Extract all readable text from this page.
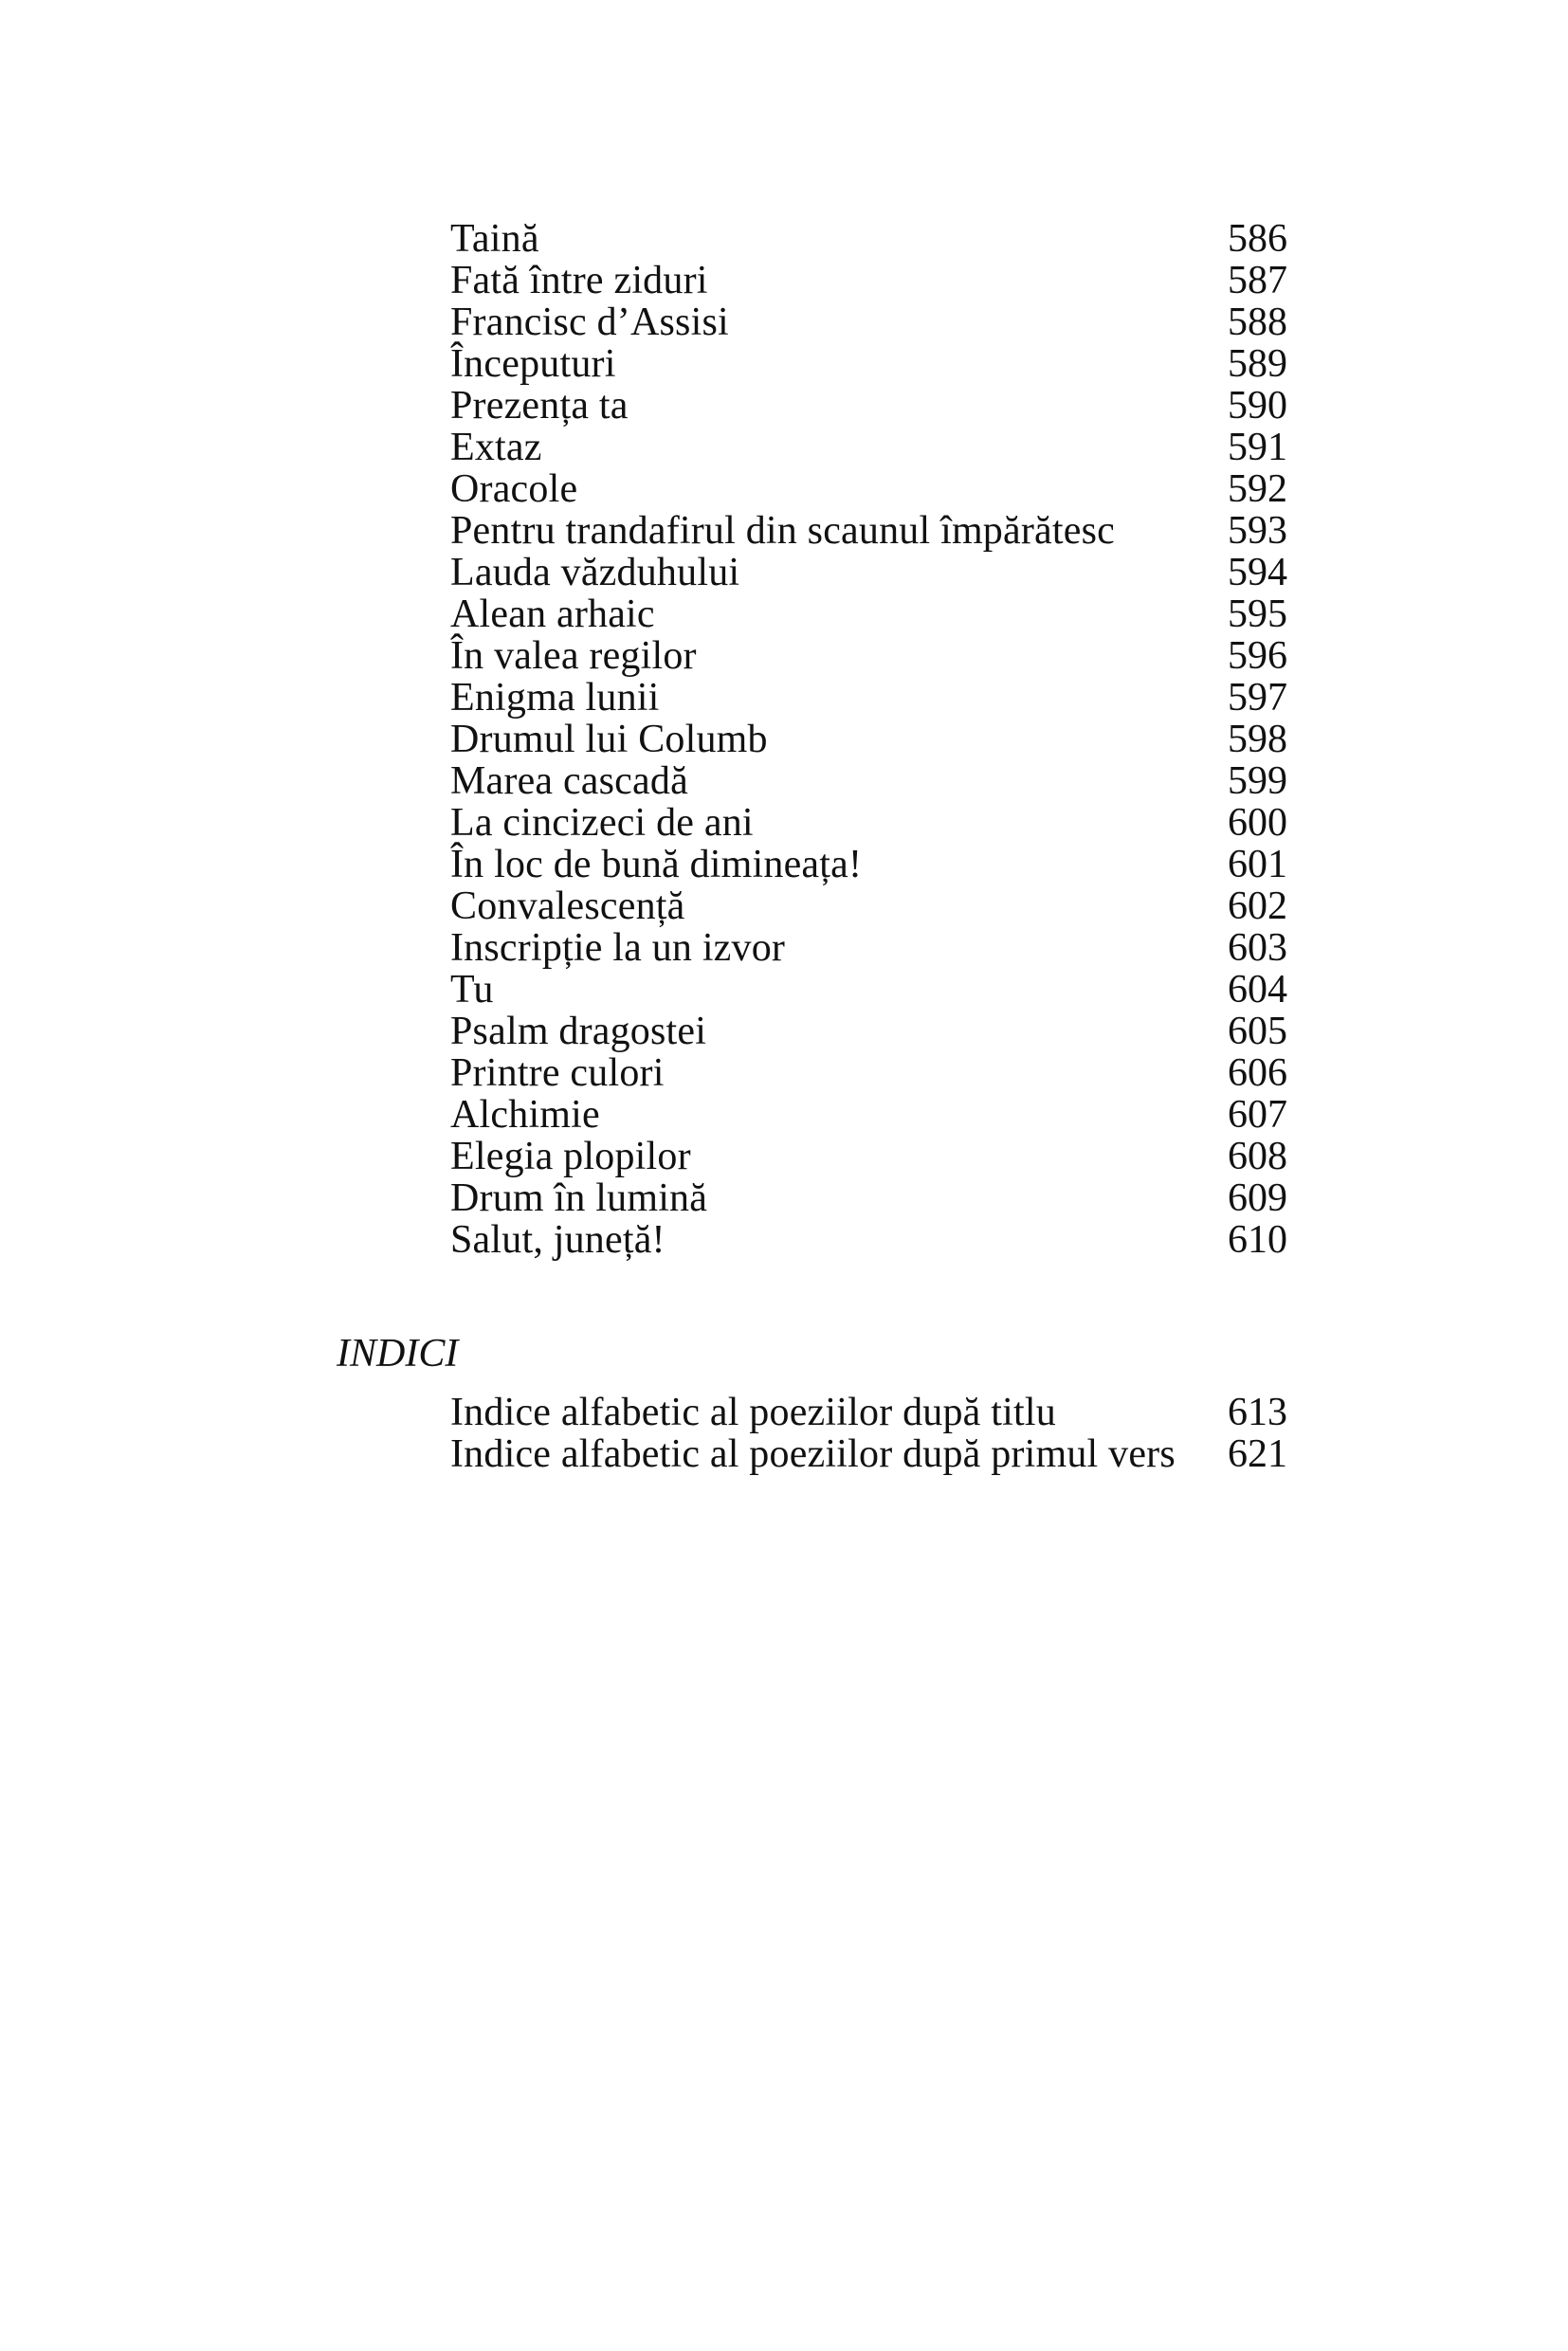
Taină	586
Fată între ziduri	587
Francisc d’Assisi	588
Începuturi	589
Prezența ta	590
Extaz	591
Oracole	592
Pentru trandafirul din scaunul împărătesc	593
Lauda văzduhului	594
Alean arhaic	595
În valea regilor	596
Enigma lunii	597
Drumul lui Columb	598
Marea cascadă	599
La cincizeci de ani	600
În loc de bună dimineața!	601
Convalescență	602
Inscripție la un izvor	603
Tu	604
Psalm dragostei	605
Printre culori	606
Alchimie	607
Elegia plopilor	608
Drum în lumină	609
Salut, juneță!	610
INDICI
Indice alfabetic al poeziilor după titlu	613
Indice alfabetic al poeziilor după primul vers 621
